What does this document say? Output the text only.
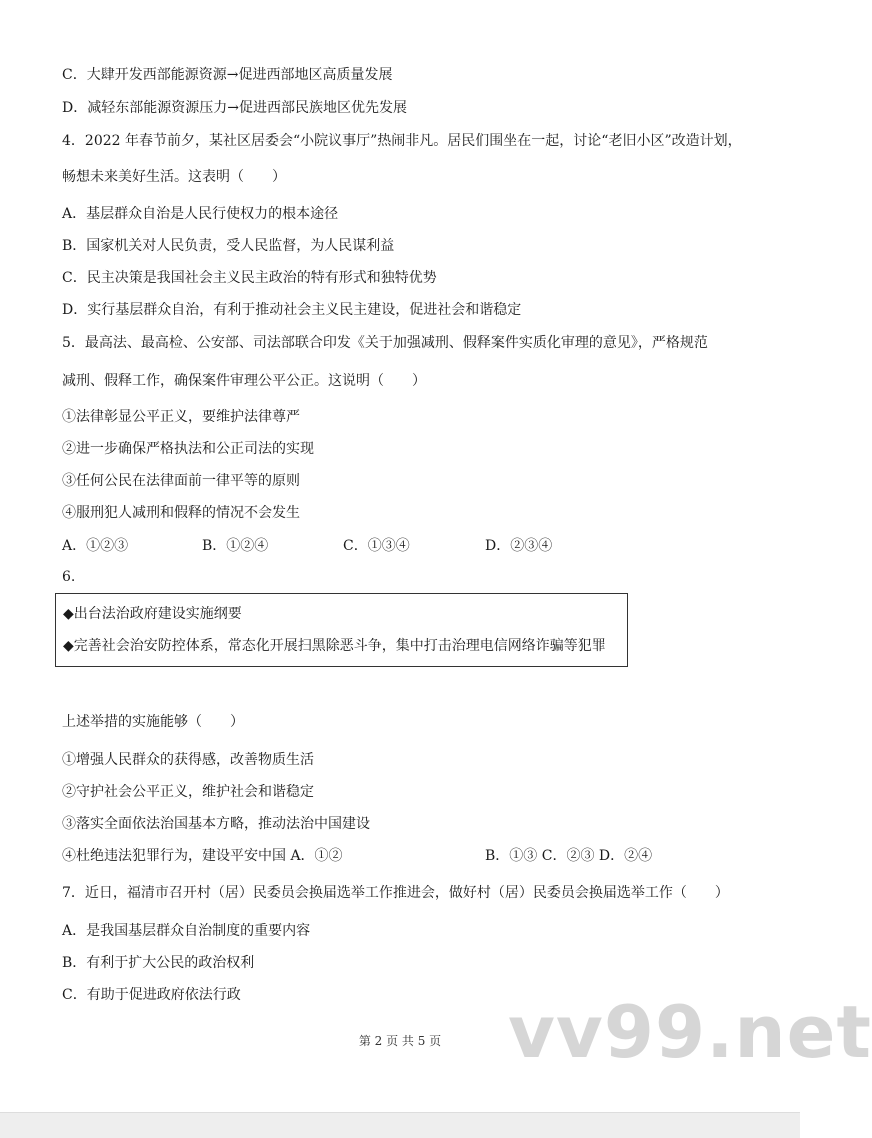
C．大肆开发西部能源资源→促进西部地区高质量发展
D．减轻东部能源资源压力→促进西部民族地区优先发展
4．2022 年春节前夕，某社区居委会“小院议事厅”热闹非凡。居民们围坐在一起，讨论“老旧小区”改造计划，
畅想未来美好生活。这表明（　　）
A．基层群众自治是人民行使权力的根本途径
B．国家机关对人民负责，受人民监督，为人民谋利益
C．民主决策是我国社会主义民主政治的特有形式和独特优势
D．实行基层群众自治，有利于推动社会主义民主建设，促进社会和谐稳定
5．最高法、最高检、公安部、司法部联合印发《关于加强减刑、假释案件实质化审理的意见》，严格规范
减刑、假释工作，确保案件审理公平公正。这说明（　　）
①法律彰显公平正义，要维护法律尊严
②进一步确保严格执法和公正司法的实现
③任何公民在法律面前一律平等的原则
④服刑犯人减刑和假释的情况不会发生
A．①②③	B．①②④	C．①③④	D．②③④
6.
◆出台法治政府建设实施纲要
◆完善社会治安防控体系，常态化开展扫黑除恶斗争，集中打击治理电信网络诈骗等犯罪
上述举措的实施能够（　　）
①增强人民群众的获得感，改善物质生活
②守护社会公平正义，维护社会和谐稳定
③落实全面依法治国基本方略，推动法治中国建设
④杜绝违法犯罪行为，建设平安中国 A．①②	B．①③ C．②③ D．②④
7．近日，福清市召开村（居）民委员会换届选举工作推进会，做好村（居）民委员会换届选举工作（　　）
A．是我国基层群众自治制度的重要内容
B．有利于扩大公民的政治权利
C．有助于促进政府依法行政	vv99.net
第 2 页 共 5 页
